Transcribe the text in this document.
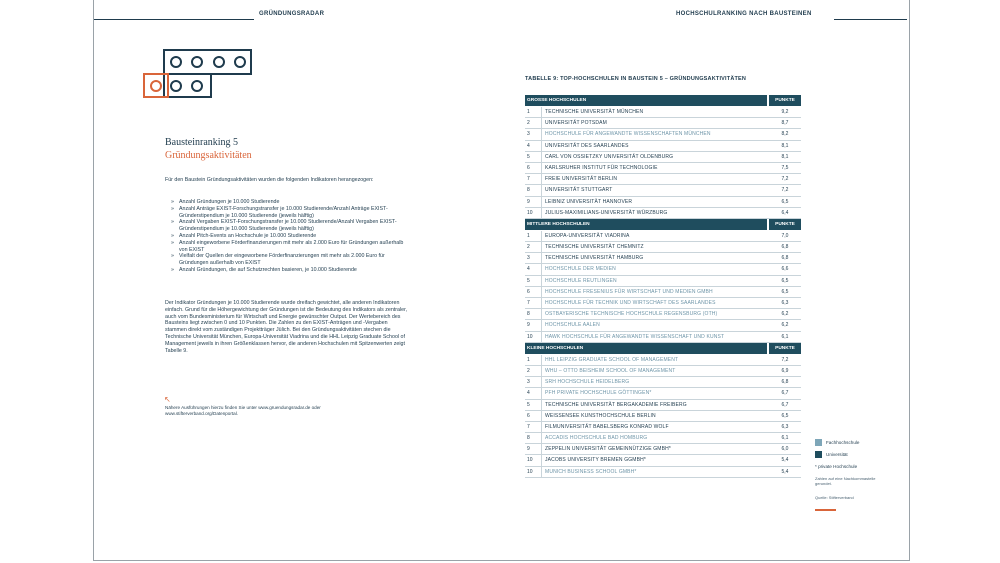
GRÜNDUNGSRADAR	HOCHSCHULRANKING NACH BAUSTEINEN
Bausteinranking 5
Gründungsaktivitäten
Für den Baustein Gründungsaktivitäten wurden die folgenden Indikatoren herangezogen:
» Anzahl Gründungen je 10.000 Studierende
» Anzahl Anträge EXIST-Forschungstransfer je 10.000 Studierende/Anzahl Anträge EXIST-Gründerstipendium je 10.000 Studierende (jeweils hälftig)
» Anzahl Vergaben EXIST-Forschungstransfer je 10.000 Studierende/Anzahl Vergaben EXIST-Gründerstipendium je 10.000 Studierende (jeweils hälftig)
» Anzahl Pitch-Events an Hochschule je 10.000 Studierende
» Anzahl eingeworbene Förderfinanzierungen mit mehr als 2.000 Euro für Gründungen außerhalb von EXIST
» Vielfalt der Quellen der eingeworbene Förderfinanzierungen mit mehr als 2.000 Euro für Gründungen außerhalb von EXIST
» Anzahl Gründungen, die auf Schutzrechten basieren, je 10.000 Studierende
Der Indikator Gründungen je 10.000 Studierende wurde dreifach gewichtet, alle anderen Indikatoren einfach. Grund für die Höhergewichtung der Gründungen ist die Bedeutung des Indikators als zentraler, auch vom Bundesministerium für Wirtschaft und Energie gewünschter Output. Der Wertebereich des Bausteins liegt zwischen 0 und 10 Punkten. Die Zahlen zu den EXIST-Anträgen und -Vergaben stammen direkt vom zuständigen Projektträger Jülich. Bei den Gründungsaktivitäten stechen die Technische Universität München, Europa-Universität Viadrina und die HHL Leipzig Graduate School of Management jeweils in ihren Größenklassen hervor, die anderen Hochschulen mit Spitzenwerten zeigt Tabelle 9.
↖
Nähere Ausführungen hierzu finden Sie unter www.gruendungsradar.de oder www.stifterverband.org/Datenportal.
TABELLE 9: TOP-HOCHSCHULEN IN BAUSTEIN 5 – GRÜNDUNGSAKTIVITÄTEN
GROSSE HOCHSCHULEN	PUNKTE
1	TECHNISCHE UNIVERSITÄT MÜNCHEN	9,2
2	UNIVERSITÄT POTSDAM	8,7
3	HOCHSCHULE FÜR ANGEWANDTE WISSENSCHAFTEN MÜNCHEN	8,2
4	UNIVERSITÄT DES SAARLANDES	8,1
5	CARL VON OSSIETZKY UNIVERSITÄT OLDENBURG	8,1
6	KARLSRUHER INSTITUT FÜR TECHNOLOGIE	7,5
7	FREIE UNIVERSITÄT BERLIN	7,2
8	UNIVERSITÄT STUTTGART	7,2
9	LEIBNIZ UNIVERSITÄT HANNOVER	6,5
10	JULIUS-MAXIMILIANS-UNIVERSITÄT WÜRZBURG	6,4
MITTLERE HOCHSCHULEN	PUNKTE
1	EUROPA-UNIVERSITÄT VIADRINA	7,0
2	TECHNISCHE UNIVERSITÄT CHEMNITZ	6,8
3	TECHNISCHE UNIVERSITÄT HAMBURG	6,8
4	HOCHSCHULE DER MEDIEN	6,6
5	HOCHSCHULE REUTLINGEN	6,5
6	HOCHSCHULE FRESENIUS FÜR WIRTSCHAFT UND MEDIEN GMBH	6,5
7	HOCHSCHULE FÜR TECHNIK UND WIRTSCHAFT DES SAARLANDES	6,3
8	OSTBAYERISCHE TECHNISCHE HOCHSCHULE REGENSBURG (OTH)	6,2
9	HOCHSCHULE AALEN	6,2
10	HAWK HOCHSCHULE FÜR ANGEWANDTE WISSENSCHAFT UND KUNST	6,1
KLEINE HOCHSCHULEN	PUNKTE
1	HHL LEIPZIG GRADUATE SCHOOL OF MANAGEMENT	7,2
2	WHU – OTTO BEISHEIM SCHOOL OF MANAGEMENT	6,9
3	SRH HOCHSCHULE HEIDELBERG	6,8
4	PFH PRIVATE HOCHSCHULE GÖTTINGEN*	6,7
5	TECHNISCHE UNIVERSITÄT BERGAKADEMIE FREIBERG	6,7
6	WEISSENSEE KUNSTHOCHSCHULE BERLIN	6,5
7	FILMUNIVERSITÄT BABELSBERG KONRAD WOLF	6,3
8	ACCADIS HOCHSCHULE BAD HOMBURG	6,1
9	ZEPPELIN UNIVERSITÄT GEMEINNÜTZIGE GMBH*	6,0
10	JACOBS UNIVERSITY BREMEN GGMBH*	5,4
10	MUNICH BUSINESS SCHOOL GMBH*	5,4
Fachhochschule
Universität
* private Hochschule
Zahlen auf eine Nachkommastelle gerundet.
Quelle: Stifterverband
